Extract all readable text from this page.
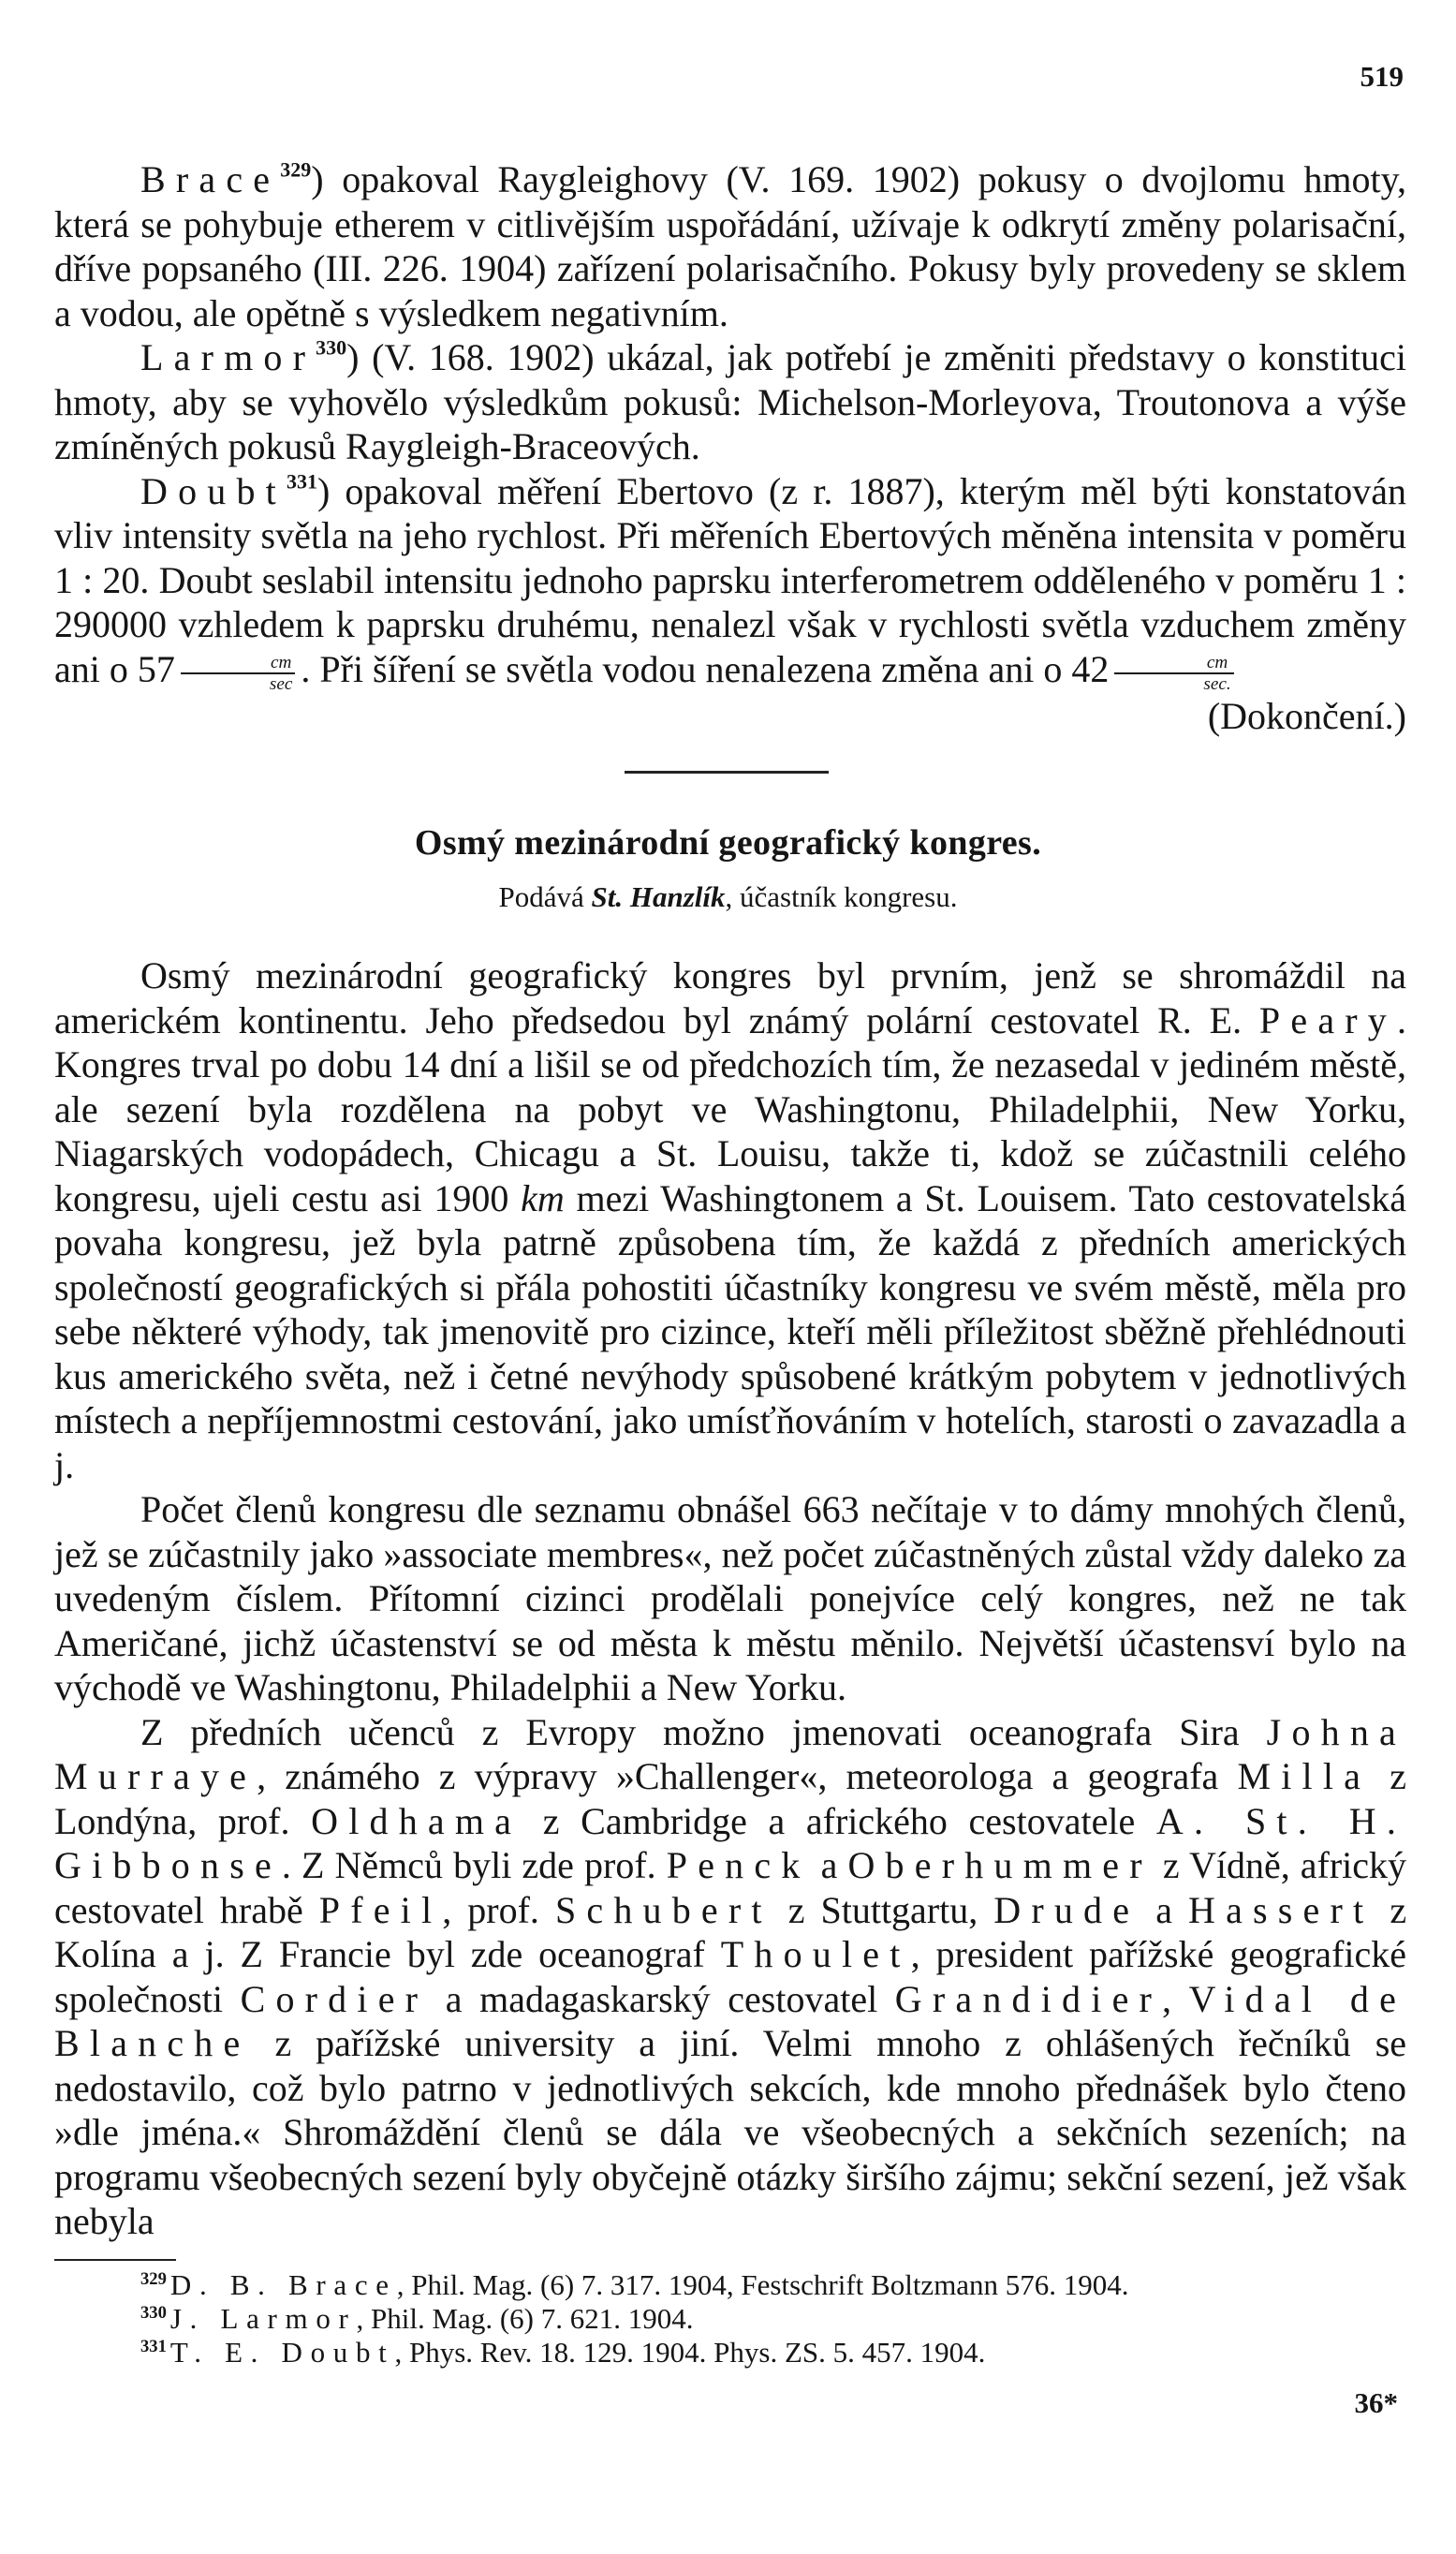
519

Brace$^{329}$) opakoval Raygleighovy (V. 169. 1902) pokusy o dvojlomu hmoty, která se pohybuje etherem v citlivějším uspořádání, užívaje k odkrytí změny polarisační, dříve popsaného (III. 226. 1904) zařízení polarisačního. Pokusy byly provedeny se sklem a vodou, ale opětně s výsledkem negativním.

Larmor$^{330}$) (V. 168. 1902) ukázal, jak potřebí je změniti představy o konstituci hmoty, aby se vyhovělo výsledkům pokusů: Michelson-Morleyova, Troutonova a výše zmíněných pokusů Raygleigh-Braceových.

Doubt$^{331}$) opakoval měření Ebertovo (z r. 1887), kterým měl býti konstatován vliv intensity světla na jeho rychlost. Při měřeních Ebertových měněna intensita v poměru 1 : 20. Doubt seslabil intensitu jednoho paprsku interferometrem odděleného v poměru 1 : 290000 vzhledem k paprsku druhému, nenalezl však v rychlosti světla vzduchem změny ani o $57 \frac{cm}{\sec}$ . Při šíření se světla vodou nenalezena změna ani o $42 \frac{cm}{\sec.}$
(Dokončení.)

Osmý mezinárodní geografický kongres.
Podává St. Hanzlík, účastník kongresu.

Osmý mezinárodní geografický kongres byl prvním, jenž se shromáždil na americkém kontinentu. Jeho předsedou byl známý polární cestovatel R. E. Peary. Kongres trval po dobu 14 dní a lišil se od předchozích tím, že nezasedal v jediném městě, ale sezení byla rozdělena na pobyt ve Washingtonu, Philadelphii, New Yorku, Niagarských vodopádech, Chicagu a St. Louisu, takže ti, kdož se zúčastnili celého kongresu, ujeli cestu asi 1900 km mezi Washingtonem a St. Louisem. Tato cestovatelská povaha kongresu, jež byla patrně způsobena tím, že každá z předních amerických společností geografických si přála pohostiti účastníky kongresu ve svém městě, měla pro sebe některé výhody, tak jmenovitě pro cizince, kteří měli příležitost sběžně přehlédnouti kus amerického světa, než i četné nevýhody spůsobené krátkým pobytem v jednotlivých místech a nepříjemnostmi cestování, jako umísťňováním v hotelích, starosti o zavazadla a j.

Počet členů kongresu dle seznamu obnášel 663 nečítaje v to dámy mnohých členů, jež se zúčastnily jako »associate membres«, než počet zúčastněných zůstal vždy daleko za uvedeným číslem. Přítomní cizinci prodělali ponejvíce celý kongres, než ne tak Američané, jichž účastenství se od města k městu měnilo. Největší účastensví bylo na východě ve Washingtonu, Philadelphii a New Yorku.

Z předních učenců z Evropy možno jmenovati oceanografa Sira Johna Murraye, známého z výpravy »Challenger«, meteorologa a geografa Milla z Londýna, prof. Oldhama z Cambridge a afrického cestovatele A. St. H. Gibbonse. Z Němců byli zde prof. Penck a Oberhummer z Vídně, africký cestovatel hrabě Pfeil, prof. Schubert z Stuttgartu, Drude a Hassert z Kolína a j. Z Francie byl zde oceanograf Thoulet, president pařížské geografické společnosti Cordier a madagaskarský cestovatel Grandidier, Vidal de Blanche z pařížské university a jiní. Velmi mnoho z ohlášených řečníků se nedostavilo, což bylo patrno v jednotlivých sekcích, kde mnoho přednášek bylo čteno »dle jména.« Shromáždění členů se dála ve všeobecných a sekčních sezeních; na programu všeobecných sezení byly obyčejně otázky širšího zájmu; sekční sezení, jež však nebyla

$^{329}$ D. B. Brace, Phil. Mag. (6) 7. 317. 1904, Festschrift Boltzmann 576. 1904.
$^{330}$ J. Larmor, Phil. Mag. (6) 7. 621. 1904.
$^{331}$ T. E. Doubt, Phys. Rev. 18. 129. 1904. Phys. ZS. 5. 457. 1904.
36*
